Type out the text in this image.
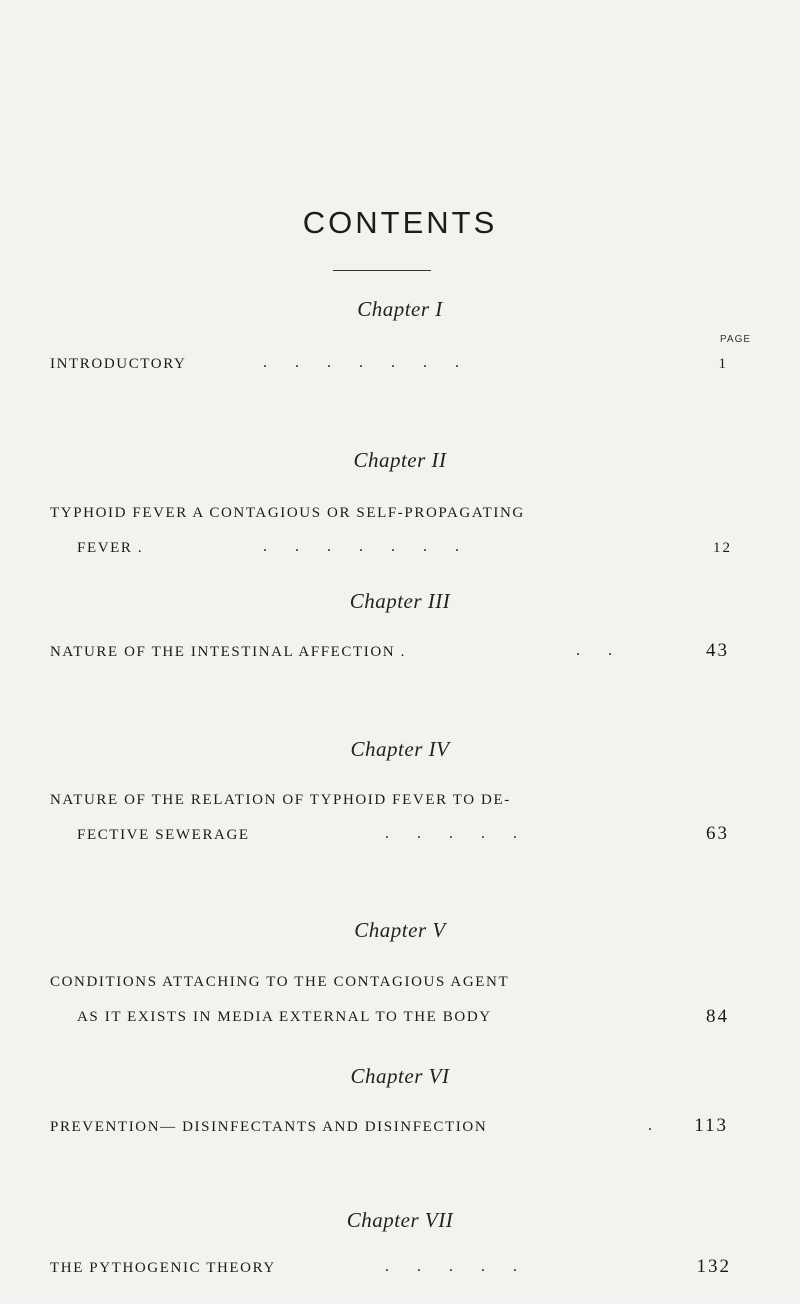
CONTENTS
PAGE
Chapter I
INTRODUCTORY	.       .       .       .       .       .       .	1
Chapter II
TYPHOID FEVER A CONTAGIOUS OR SELF-PROPAGATING
FEVER .	.       .       .       .       .       .       .	12
Chapter III
NATURE OF THE INTESTINAL AFFECTION .	.       .	43
Chapter IV
NATURE OF THE RELATION OF TYPHOID FEVER TO DE-
FECTIVE SEWERAGE	.       .       .       .       .	63
Chapter V
CONDITIONS ATTACHING TO THE CONTAGIOUS AGENT
AS IT EXISTS IN MEDIA EXTERNAL TO THE BODY	84
Chapter VI
PREVENTION— DISINFECTANTS AND DISINFECTION	.	113
Chapter VII
THE PYTHOGENIC THEORY	.       .       .       .       .	132
